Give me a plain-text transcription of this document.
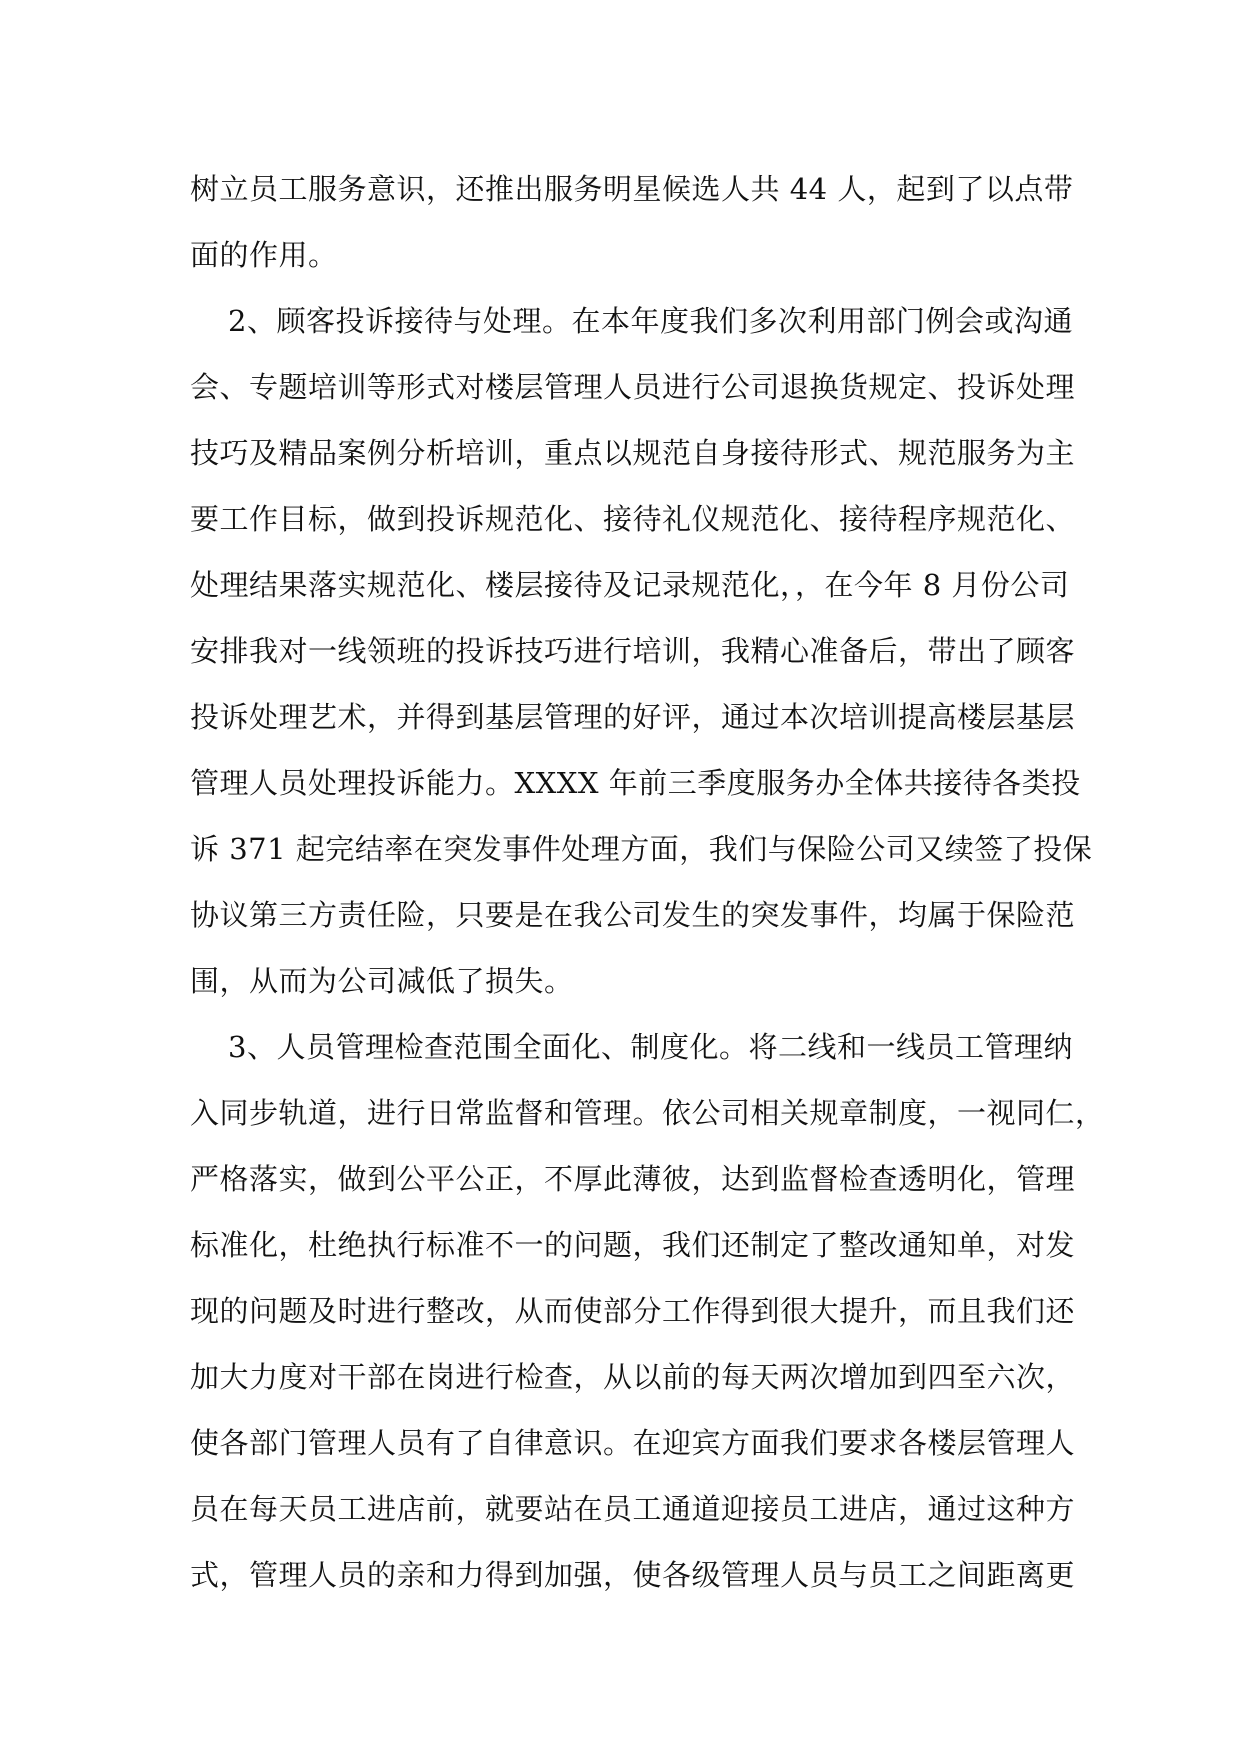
树立员工服务意识，还推出服务明星候选人共 44 人，起到了以点带
面的作用。
2、顾客投诉接待与处理。在本年度我们多次利用部门例会或沟通
会、专题培训等形式对楼层管理人员进行公司退换货规定、投诉处理
技巧及精品案例分析培训，重点以规范自身接待形式、规范服务为主
要工作目标，做到投诉规范化、接待礼仪规范化、接待程序规范化、
处理结果落实规范化、楼层接待及记录规范化，，在今年 8 月份公司
安排我对一线领班的投诉技巧进行培训，我精心准备后，带出了顾客
投诉处理艺术，并得到基层管理的好评，通过本次培训提高楼层基层
管理人员处理投诉能力。XXXX 年前三季度服务办全体共接待各类投
诉 371 起完结率在突发事件处理方面，我们与保险公司又续签了投保
协议第三方责任险，只要是在我公司发生的突发事件，均属于保险范
围，从而为公司减低了损失。
3、人员管理检查范围全面化、制度化。将二线和一线员工管理纳
入同步轨道，进行日常监督和管理。依公司相关规章制度，一视同仁，
严格落实，做到公平公正，不厚此薄彼，达到监督检查透明化，管理
标准化，杜绝执行标准不一的问题，我们还制定了整改通知单，对发
现的问题及时进行整改，从而使部分工作得到很大提升，而且我们还
加大力度对干部在岗进行检查，从以前的每天两次增加到四至六次，
使各部门管理人员有了自律意识。在迎宾方面我们要求各楼层管理人
员在每天员工进店前，就要站在员工通道迎接员工进店，通过这种方
式，管理人员的亲和力得到加强，使各级管理人员与员工之间距离更
